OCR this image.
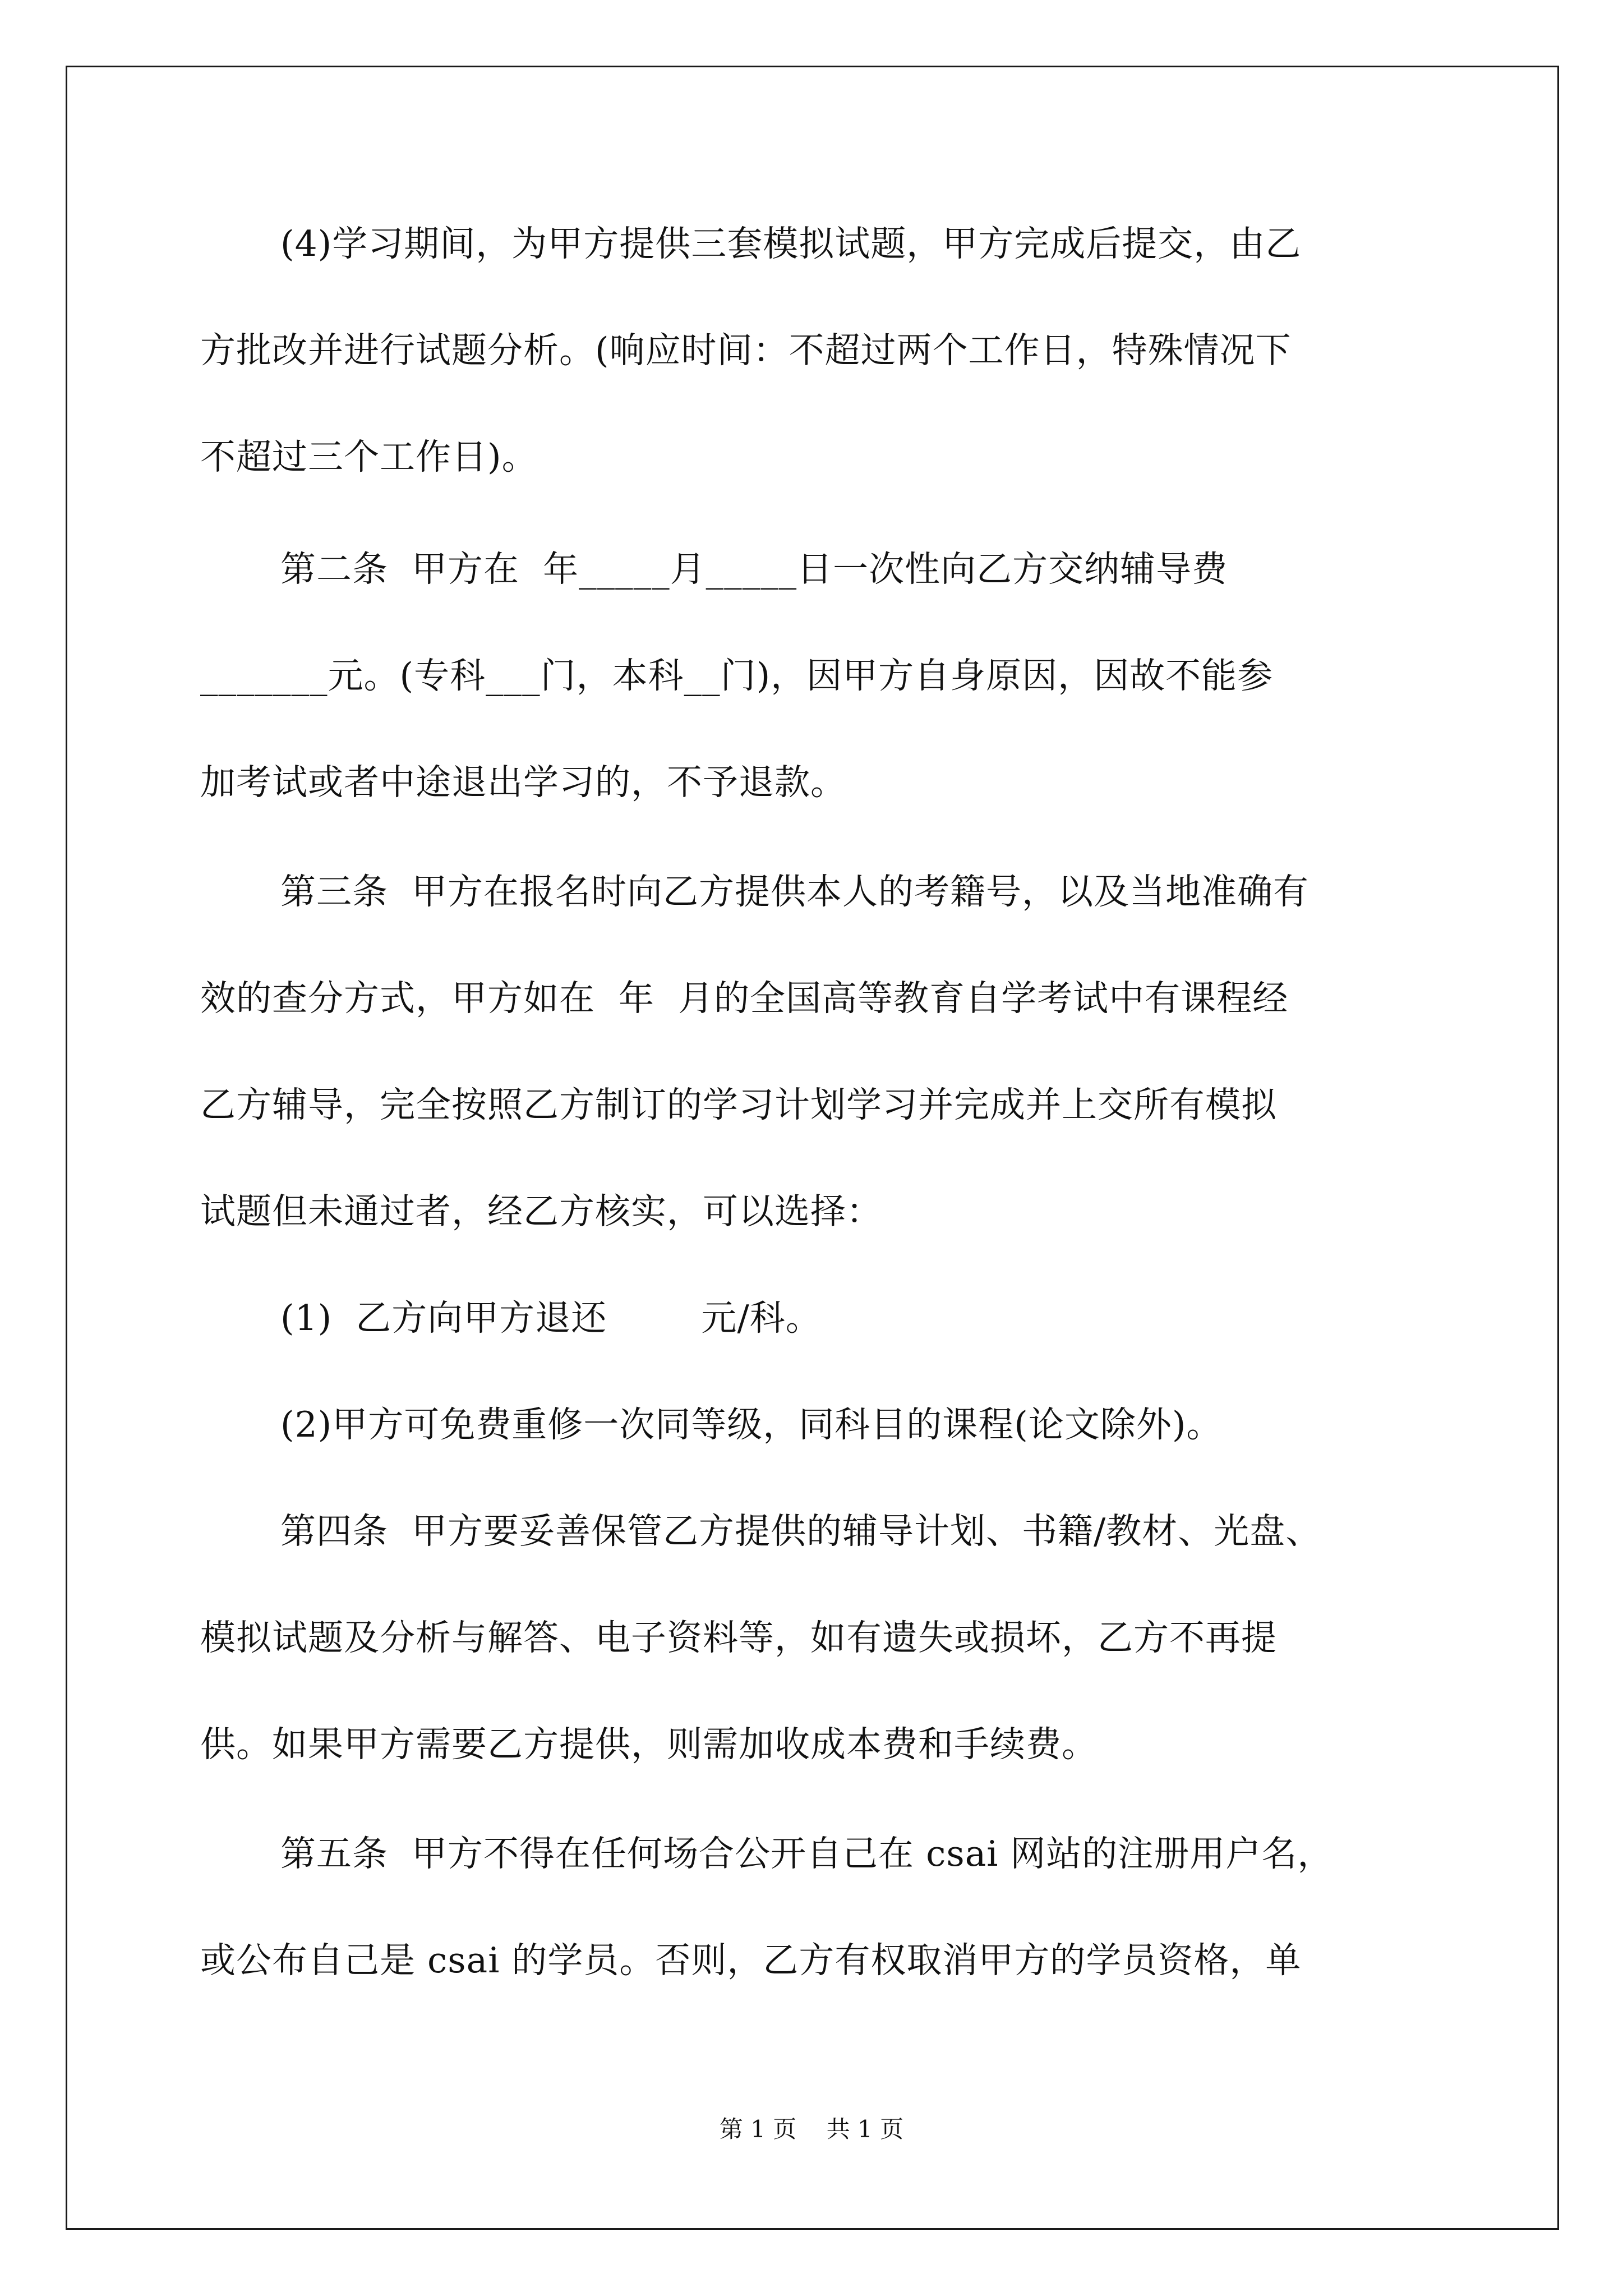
(4)学习期间，为甲方提供三套模拟试题，甲方完成后提交，由乙

方批改并进行试题分析。(响应时间：不超过两个工作日，特殊情况下

不超过三个工作日)。

第二条  甲方在  年_____月_____日一次性向乙方交纳辅导费

_______元。(专科___门，本科__门)，因甲方自身原因，因故不能参

加考试或者中途退出学习的，不予退款。

第三条  甲方在报名时向乙方提供本人的考籍号，以及当地准确有

效的查分方式，甲方如在  年  月的全国高等教育自学考试中有课程经

乙方辅导，完全按照乙方制订的学习计划学习并完成并上交所有模拟

试题但未通过者，经乙方核实，可以选择：

(1)  乙方向甲方退还        元/科。

(2)甲方可免费重修一次同等级，同科目的课程(论文除外)。

第四条  甲方要妥善保管乙方提供的辅导计划、书籍/教材、光盘、

模拟试题及分析与解答、电子资料等，如有遗失或损坏，乙方不再提

供。如果甲方需要乙方提供，则需加收成本费和手续费。

第五条  甲方不得在任何场合公开自己在 csai 网站的注册用户名，

或公布自己是 csai 的学员。否则，乙方有权取消甲方的学员资格，单

第 1 页    共 1 页
